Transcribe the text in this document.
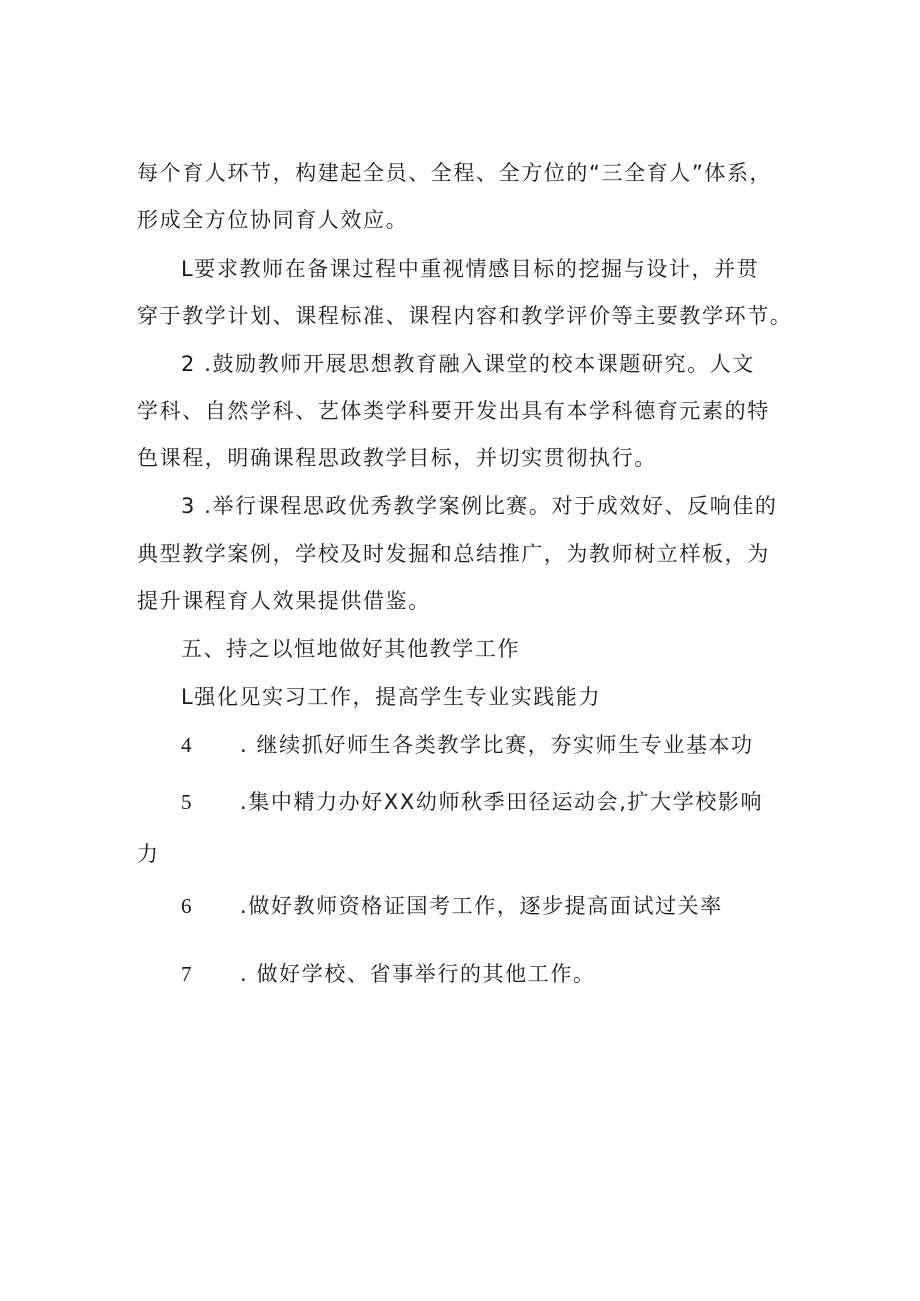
每个育人环节，构建起全员、全程、全方位的“三全育人”体系，
形成全方位协同育人效应。
L要求教师在备课过程中重视情感目标的挖掘与设计，并贯
穿于教学计划、课程标准、课程内容和教学评价等主要教学环节。
2 .鼓励教师开展思想教育融入课堂的校本课题研究。人文
学科、自然学科、艺体类学科要开发出具有本学科德育元素的特
色课程，明确课程思政教学目标，并切实贯彻执行。
3 .举行课程思政优秀教学案例比赛。对于成效好、反响佳的
典型教学案例，学校及时发掘和总结推广，为教师树立样板，为
提升课程育人效果提供借鉴。
五、持之以恒地做好其他教学工作
L强化见实习工作，提高学生专业实践能力
4 . 继续抓好师生各类教学比赛，夯实师生专业基本功
5 .集中精力办好XX幼师秋季田径运动会,扩大学校影响
力
6 .做好教师资格证国考工作，逐步提高面试过关率
7 . 做好学校、省事举行的其他工作。
